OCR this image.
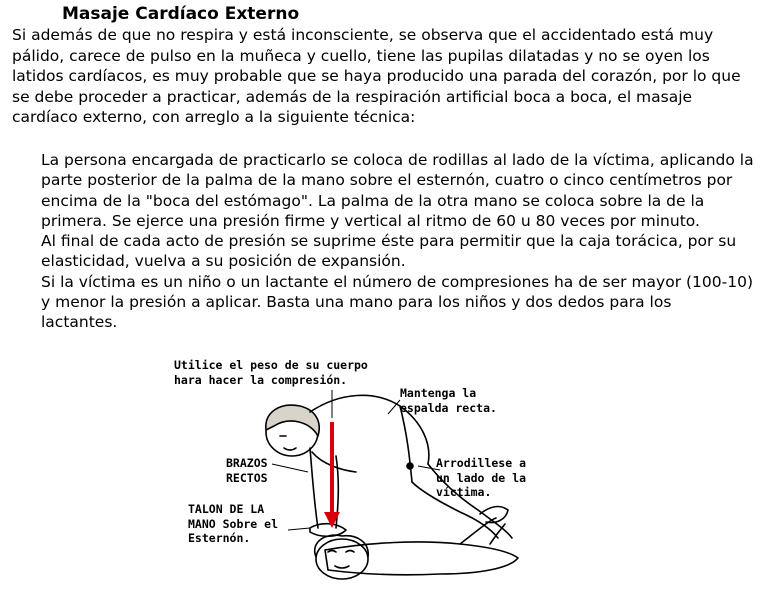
Masaje Cardíaco Externo

Si además de que no respira y está inconsciente, se observa que el accidentado está muy

pálido, carece de pulso en la muñeca y cuello, tiene las pupilas dilatadas y no se oyen los

latidos cardíacos, es muy probable que se haya producido una parada del corazón, por lo que

se debe proceder a practicar, además de la respiración artificial boca a boca, el masaje

cardíaco externo, con arreglo a la siguiente técnica:

La persona encargada de practicarlo se coloca de rodillas al lado de la víctima, aplicando la

parte posterior de la palma de la mano sobre el esternón, cuatro o cinco centímetros por

encima de la "boca del estómago". La palma de la otra mano se coloca sobre la de la

primera. Se ejerce una presión firme y vertical al ritmo de 60 u 80 veces por minuto.

Al final de cada acto de presión se suprime éste para permitir que la caja torácica, por su

elasticidad, vuelva a su posición de expansión.

Si la víctima es un niño o un lactante el número de compresiones ha de ser mayor (100-10)

y menor la presión a aplicar. Basta una mano para los niños y dos dedos para los

lactantes.

Utilice el peso de su cuerpo
hara hacer la compresión.
Mantenga la
espalda recta.
BRAZOS
RECTOS
Arrodillese a
un lado de la
víctima.
TALON DE LA
MANO Sobre el
Esternón.
